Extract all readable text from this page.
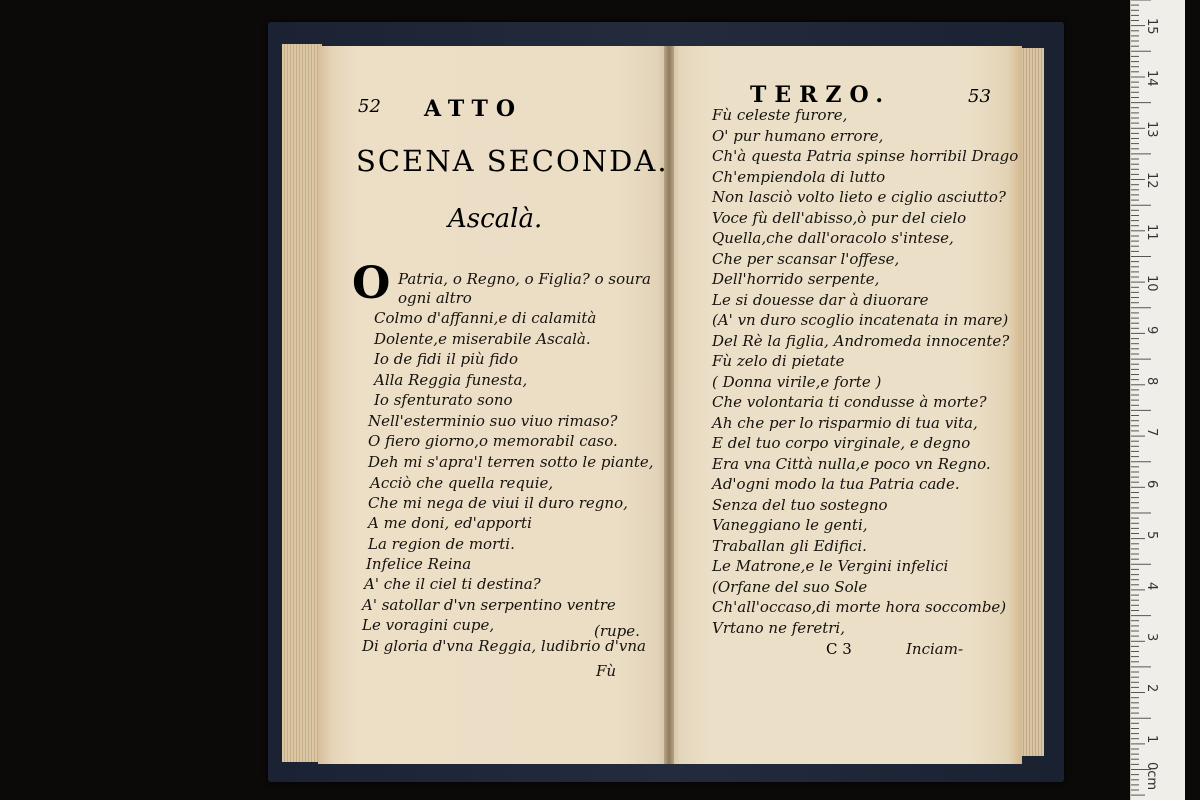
52 ATTO
SCENA SECONDA.
Ascalà.
O Patria, o Regno, o Figlia? o soura
ogni altro
Colmo d'affanni,e di calamità
Dolente,e miserabile Ascalà.
Io de fidi il più fido
Alla Reggia funesta,
Io sfenturato sono
Nell'esterminio suo viuo rimaso?
O fiero giorno,o memorabil caso.
Deh mi s'apra'l terren sotto le piante,
Acciò che quella requie,
Che mi nega de viui il duro regno,
A me doni, ed'apporti
La region de morti.
Infelice Reina
A' che il ciel ti destina?
A' satollar d'vn serpentino ventre
Le voragini cupe,	(rupe.
Di gloria d'vna Reggia, ludibrio d'vna
Fù
TERZO.	53
Fù celeste furore,
O' pur humano errore,
Ch'à questa Patria spinse horribil Drago
Ch'empiendola di lutto
Non lasciò volto lieto e ciglio asciutto?
Voce fù dell'abisso,ò pur del cielo
Quella,che dall'oracolo s'intese,
Che per scansar l'offese,
Dell'horrido serpente,
Le si douesse dar à diuorare
(A' vn duro scoglio incatenata in mare)
Del Rè la figlia, Andromeda innocente?
Fù zelo di pietate
( Donna virile,e forte )
Che volontaria ti condusse à morte?
Ah che per lo risparmio di tua vita,
E del tuo corpo virginale, e degno
Era vna Città nulla,e poco vn Regno.
Ad'ogni modo la tua Patria cade.
Senza del tuo sostegno
Vaneggiano le genti,
Traballan gli Edifici.
Le Matrone,e le Vergini infelici
(Orfane del suo Sole
Ch'all'occaso,di morte hora soccombe)
Vrtano ne feretri,
C 3	Inciam-
15
14
13
12
11
10
9
8
7
6
5
4
3
2
1
0cm
